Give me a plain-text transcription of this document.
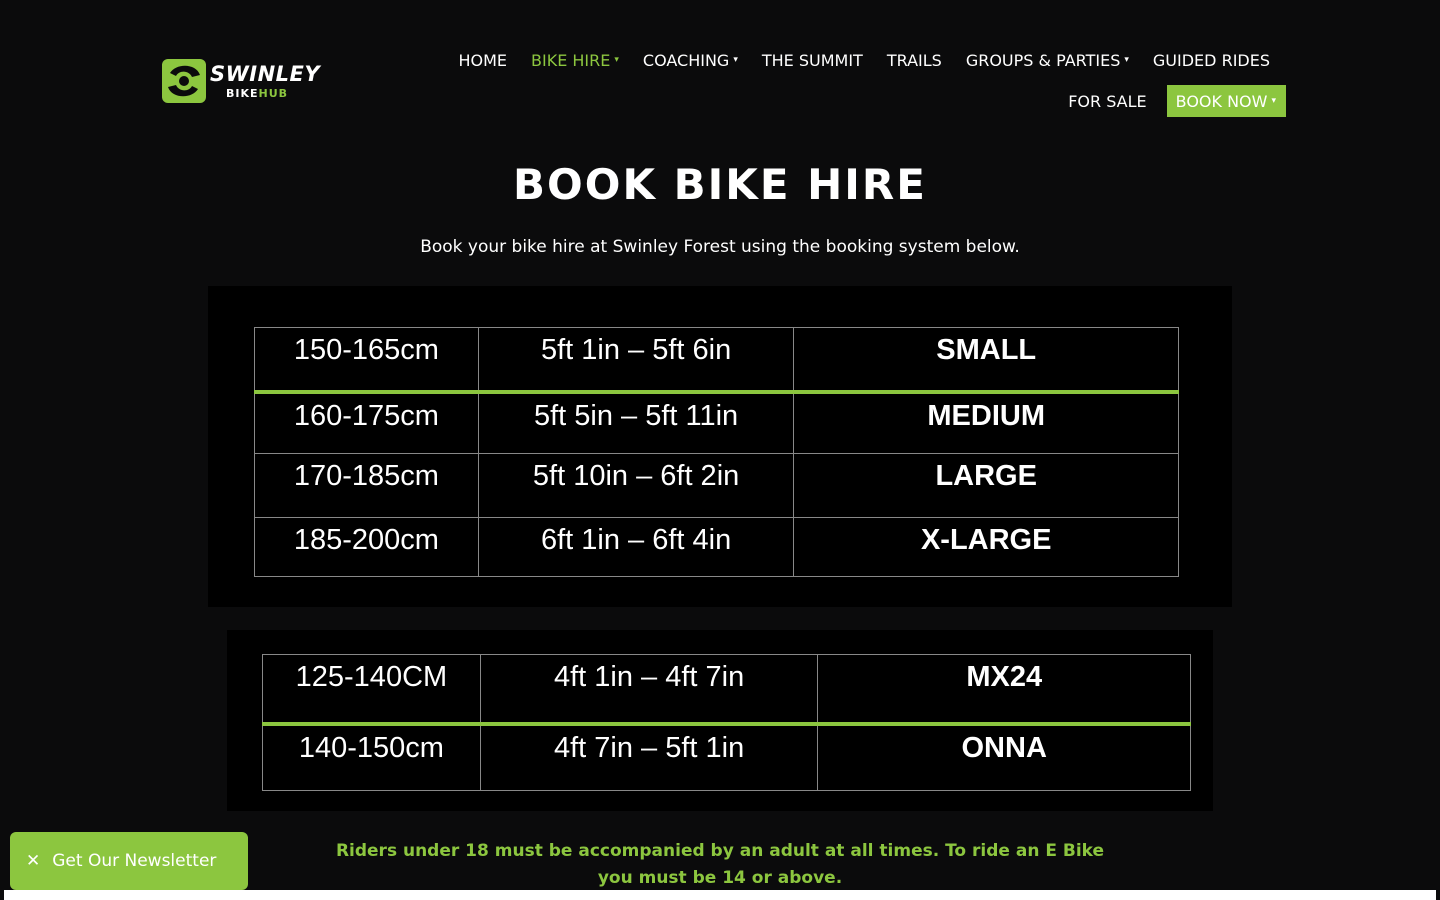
SWINLEY
BIKEHUB
HOME BIKE HIRE ▾ COACHING ▾ THE SUMMIT TRAILS GROUPS & PARTIES ▾ GUIDED RIDES
FOR SALE BOOK NOW ▾
BOOK BIKE HIRE

Book your bike hire at Swinley Forest using the booking system below.

150-165cm	5ft 1in – 5ft 6in	SMALL
160-175cm	5ft 5in – 5ft 11in	MEDIUM
170-185cm	5ft 10in – 6ft 2in	LARGE
185-200cm	6ft 1in – 6ft 4in	X-LARGE
125-140CM	4ft 1in – 4ft 7in	MX24
140-150cm	4ft 7in – 5ft 1in	ONNA
Riders under 18 must be accompanied by an adult at all times. To ride an E Bike
you must be 14 or above.
✕ Get Our Newsletter
